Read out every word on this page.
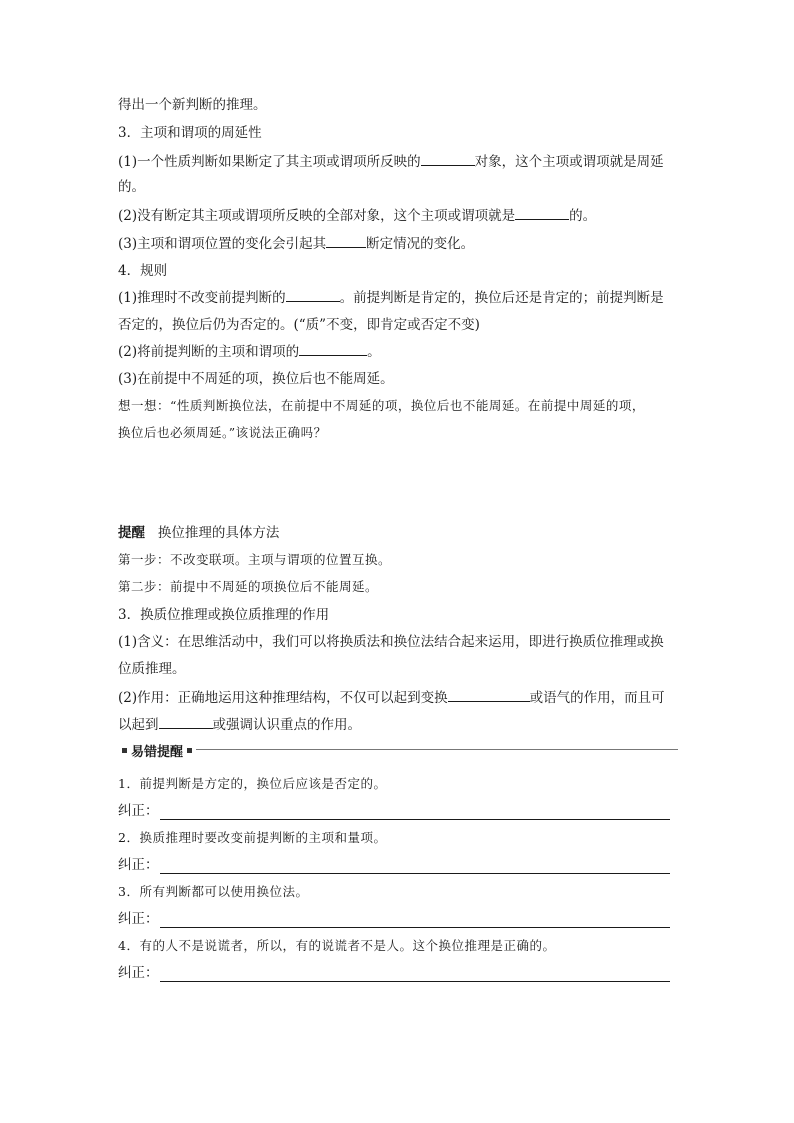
得出一个新判断的推理。
3．主项和谓项的周延性
(1)一个性质判断如果断定了其主项或谓项所反映的	对象，这个主项或谓项就是周延
的。
(2)没有断定其主项或谓项所反映的全部对象，这个主项或谓项就是	的。
(3)主项和谓项位置的变化会引起其	断定情况的变化。
4．规则
(1)推理时不改变前提判断的	。前提判断是肯定的，换位后还是肯定的；前提判断是
否定的，换位后仍为否定的。(“质”不变，即肯定或否定不变)
(2)将前提判断的主项和谓项的	。
(3)在前提中不周延的项，换位后也不能周延。
想一想：“性质判断换位法，在前提中不周延的项，换位后也不能周延。在前提中周延的项，
换位后也必须周延。”该说法正确吗？
提醒 换位推理的具体方法
第一步：不改变联项。主项与谓项的位置互换。
第二步：前提中不周延的项换位后不能周延。
3．换质位推理或换位质推理的作用
(1)含义：在思维活动中，我们可以将换质法和换位法结合起来运用，即进行换质位推理或换
位质推理。
(2)作用：正确地运用这种推理结构，不仅可以起到变换	或语气的作用，而且可
以起到	或强调认识重点的作用。
易错提醒
1．前提判断是方定的，换位后应该是否定的。
纠正：
2．换质推理时要改变前提判断的主项和量项。
纠正：
3．所有判断都可以使用换位法。
纠正：
4．有的人不是说谎者，所以，有的说谎者不是人。这个换位推理是正确的。
纠正：
